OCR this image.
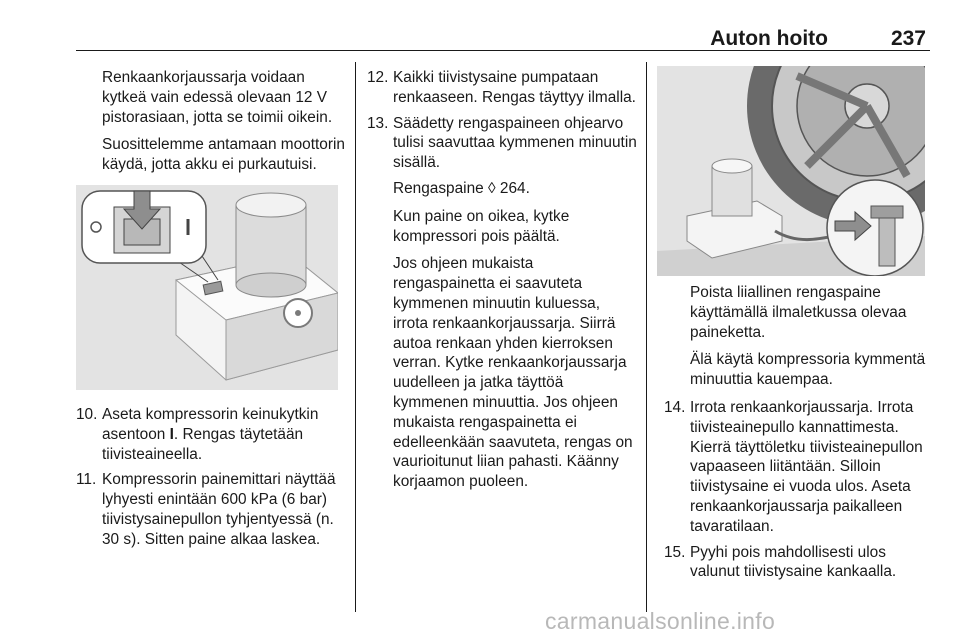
Auton hoito	237

Renkaankorjaussarja voidaan kytkeä vain edessä olevaan 12 V pistorasiaan, jotta se toimii oikein.

Suosittelemme antamaan moottorin käydä, jotta akku ei purkautuisi.

10. Aseta kompressorin keinukytkin asentoon I. Rengas täytetään tiivisteaineella.
11. Kompressorin painemittari näyttää lyhyesti enintään 600 kPa (6 bar) tiivistysainepullon tyhjentyessä (n. 30 s). Sitten paine alkaa laskea.
12. Kaikki tiivistysaine pumpataan renkaaseen. Rengas täyttyy ilmalla.
13. Säädetty rengaspaineen ohjearvo tulisi saavuttaa kymmenen minuutin sisällä.

Rengaspaine ◊ 264.

Kun paine on oikea, kytke kompressori pois päältä.

Jos ohjeen mukaista rengaspainetta ei saavuteta kymmenen minuutin kuluessa, irrota renkaankorjaussarja. Siirrä autoa renkaan yhden kierroksen verran. Kytke renkaankorjaussarja uudelleen ja jatka täyttöä kymmenen minuuttia. Jos ohjeen mukaista rengaspainetta ei edelleenkään saavuteta, rengas on vaurioitunut liian pahasti. Käänny korjaamon puoleen.

Poista liiallinen rengaspaine käyttämällä ilmaletkussa olevaa paineketta.

Älä käytä kompressoria kymmentä minuuttia kauempaa.

14. Irrota renkaankorjaussarja. Irrota tiivisteainepullo kannattimesta. Kierrä täyttöletku tiivisteainepullon vapaaseen liitäntään. Silloin tiivistysaine ei vuoda ulos. Aseta renkaankorjaussarja paikalleen tavaratilaan.
15. Pyyhi pois mahdollisesti ulos valunut tiivistysaine kankaalla.
carmanualsonline.info
